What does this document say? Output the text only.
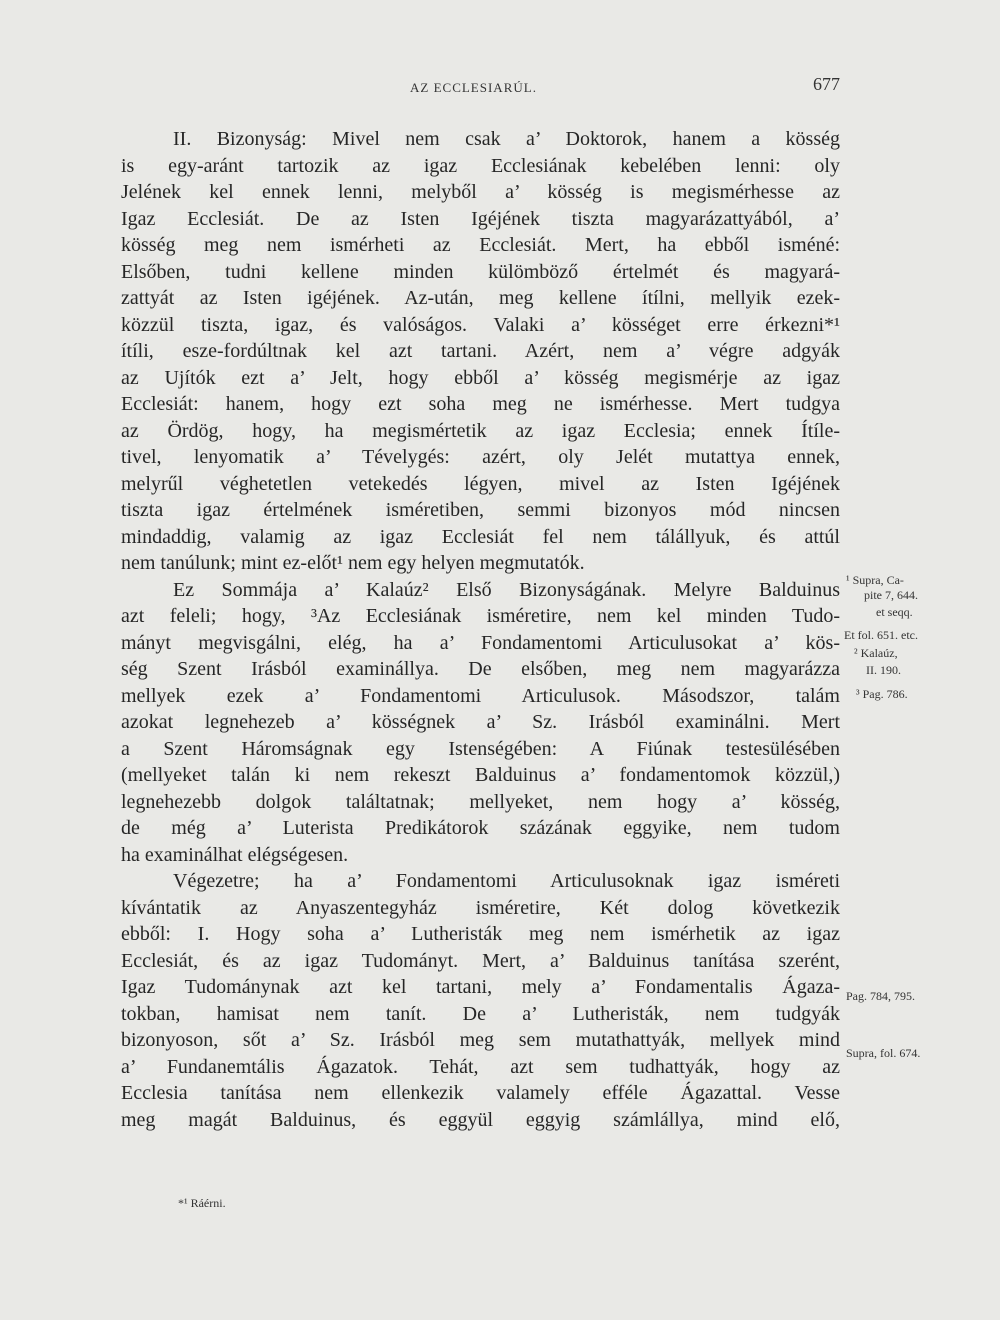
AZ ECCLESIARÚL.	677
II. Bizonyság: Mivel nem csak a’ Doktorok, hanem a kösség
is egy-aránt tartozik az igaz Ecclesiának kebelében lenni: oly
Jelének kel ennek lenni, melyből a’ kösség is megismérhesse az
Igaz Ecclesiát. De az Isten Igéjének tiszta magyarázattyából, a’
kösség meg nem ismérheti az Ecclesiát. Mert, ha ebből isméné:
Elsőben, tudni kellene minden külömböző értelmét és magyará-
zattyát az Isten igéjének. Az-után, meg kellene ítílni, mellyik ezek-
közzül tiszta, igaz, és valóságos. Valaki a’ kösséget erre érkezni*¹
ítíli, esze-fordúltnak kel azt tartani. Azért, nem a’ végre adgyák
az Ujítók ezt a’ Jelt, hogy ebből a’ kösség megismérje az igaz
Ecclesiát: hanem, hogy ezt soha meg ne ismérhesse. Mert tudgya
az Ördög, hogy, ha megismértetik az igaz Ecclesia; ennek Ítíle-
tivel, lenyomatik a’ Tévelygés: azért, oly Jelét mutattya ennek,
melyrűl véghetetlen vetekedés légyen, mivel az Isten Igéjének
tiszta igaz értelmének isméretiben, semmi bizonyos mód nincsen
mindaddig, valamig az igaz Ecclesiát fel nem tálállyuk, és attúl
nem tanúlunk; mint ez-előt¹ nem egy helyen megmutatók.
Ez Sommája a’ Kalaúz² Első Bizonyságának. Melyre Balduinus
azt feleli; hogy, ³Az Ecclesiának isméretire, nem kel minden Tudo-
mányt megvisgálni, elég, ha a’ Fondamentomi Articulusokat a’ kös-
ség Szent Irásból examinállya. De elsőben, meg nem magyarázza
mellyek ezek a’ Fondamentomi Articulusok. Másodszor, talám
azokat legnehezeb a’ kösségnek a’ Sz. Irásból examinálni. Mert
a Szent Háromságnak egy Istenségében: A Fiúnak testesülésében
(mellyeket talán ki nem rekeszt Balduinus a’ fondamentomok közzül,)
legnehezebb dolgok találtatnak; mellyeket, nem hogy a’ kösség,
de még a’ Luterista Predikátorok százának eggyike, nem tudom
ha examinálhat elégségesen.
Végezetre; ha a’ Fondamentomi Articulusoknak igaz isméreti
kívántatik az Anyaszentegyház isméretire, Két dolog következik
ebből: I. Hogy soha a’ Lutheristák meg nem ismérhetik az igaz
Ecclesiát, és az igaz Tudományt. Mert, a’ Balduinus tanítása szerént,
Igaz Tudománynak azt kel tartani, mely a’ Fondamentalis Ágaza-
tokban, hamisat nem tanít. De a’ Lutheristák, nem tudgyák
bizonyoson, sőt a’ Sz. Irásból meg sem mutathattyák, mellyek mind
a’ Fundanemtális Ágazatok. Tehát, azt sem tudhattyák, hogy az
Ecclesia tanítása nem ellenkezik valamely efféle Ágazattal. Vesse
meg magát Balduinus, és eggyül eggyig számlállya, mind elő,
¹ Supra, Ca-
pite 7, 644.
et seqq.
Et fol. 651. etc.
² Kalaúz,
II. 190.
³ Pag. 786.
Pag. 784, 795.
Supra, fol. 674.
*¹ Ráérni.
